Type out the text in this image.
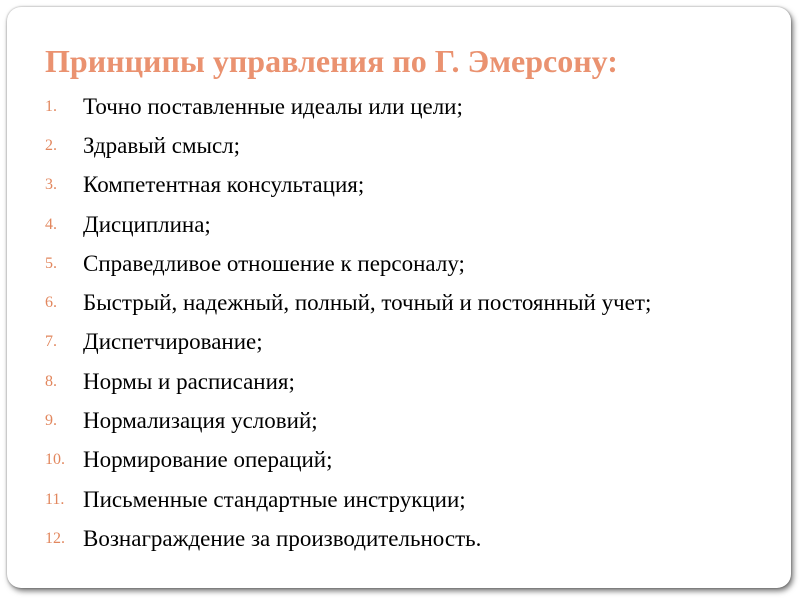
Принципы управления по Г. Эмерсону:
1.	Точно поставленные идеалы или цели;
2.	Здравый смысл;
3.	Компетентная консультация;
4.	Дисциплина;
5.	Справедливое отношение к персоналу;
6.	Быстрый, надежный, полный, точный и постоянный учет;
7.	Диспетчирование;
8.	Нормы и расписания;
9.	Нормализация условий;
10. Нормирование операций;
11. Письменные стандартные инструкции;
12. Вознаграждение за производительность.
